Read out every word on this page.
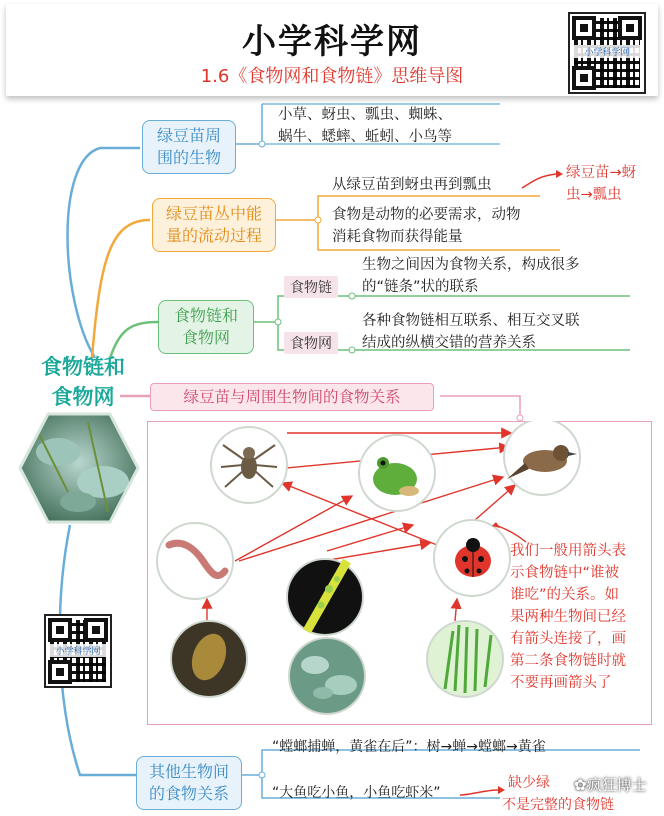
小学科学网
1.6《食物网和食物链》思维导图
小学科学网
食物链和
食物网
小学科学网
绿豆苗周
围的生物
小草、蚜虫、瓢虫、蜘蛛、
蜗牛、蟋蟀、蚯蚓、小鸟等
绿豆苗丛中能
量的流动过程
从绿豆苗到蚜虫再到瓢虫
食物是动物的必要需求，动物
消耗食物而获得能量
绿豆苗→蚜
虫→瓢虫
食物链和
食物网
食物链
生物之间因为食物关系，构成很多
的“链条”状的联系
食物网
各种食物链相互联系、相互交叉联
结成的纵横交错的营养关系
绿豆苗与周围生物间的食物关系
蜘蛛
青蛙
麻雀
蚯蚓
蚜虫
瓢虫
枯叶
绿豆苗
小草
我们一般用箭头表
示食物链中“谁被
谁吃”的关系。如
果两种生物间已经
有箭头连接了，画
第二条食物链时就
不要再画箭头了
其他生物间
的食物关系
“螳螂捕蝉，黄雀在后”：树→蝉→螳螂→黄雀
“大鱼吃小鱼，小鱼吃虾米”
缺少绿
不是完整的食物链
✿疯狂博士
